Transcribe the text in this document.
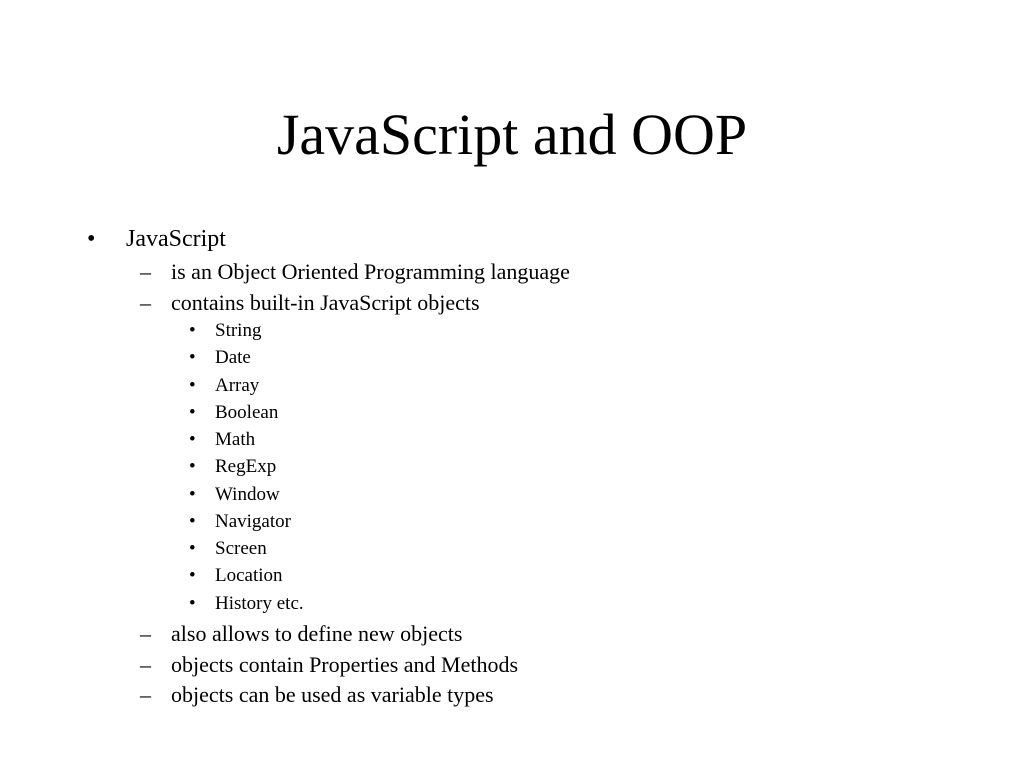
JavaScript and OOP
• JavaScript
– is an Object Oriented Programming language
– contains built-in JavaScript objects
• String
• Date
• Array
• Boolean
• Math
• RegExp
• Window
• Navigator
• Screen
• Location
• History etc.
– also allows to define new objects
– objects contain Properties and Methods
– objects can be used as variable types
